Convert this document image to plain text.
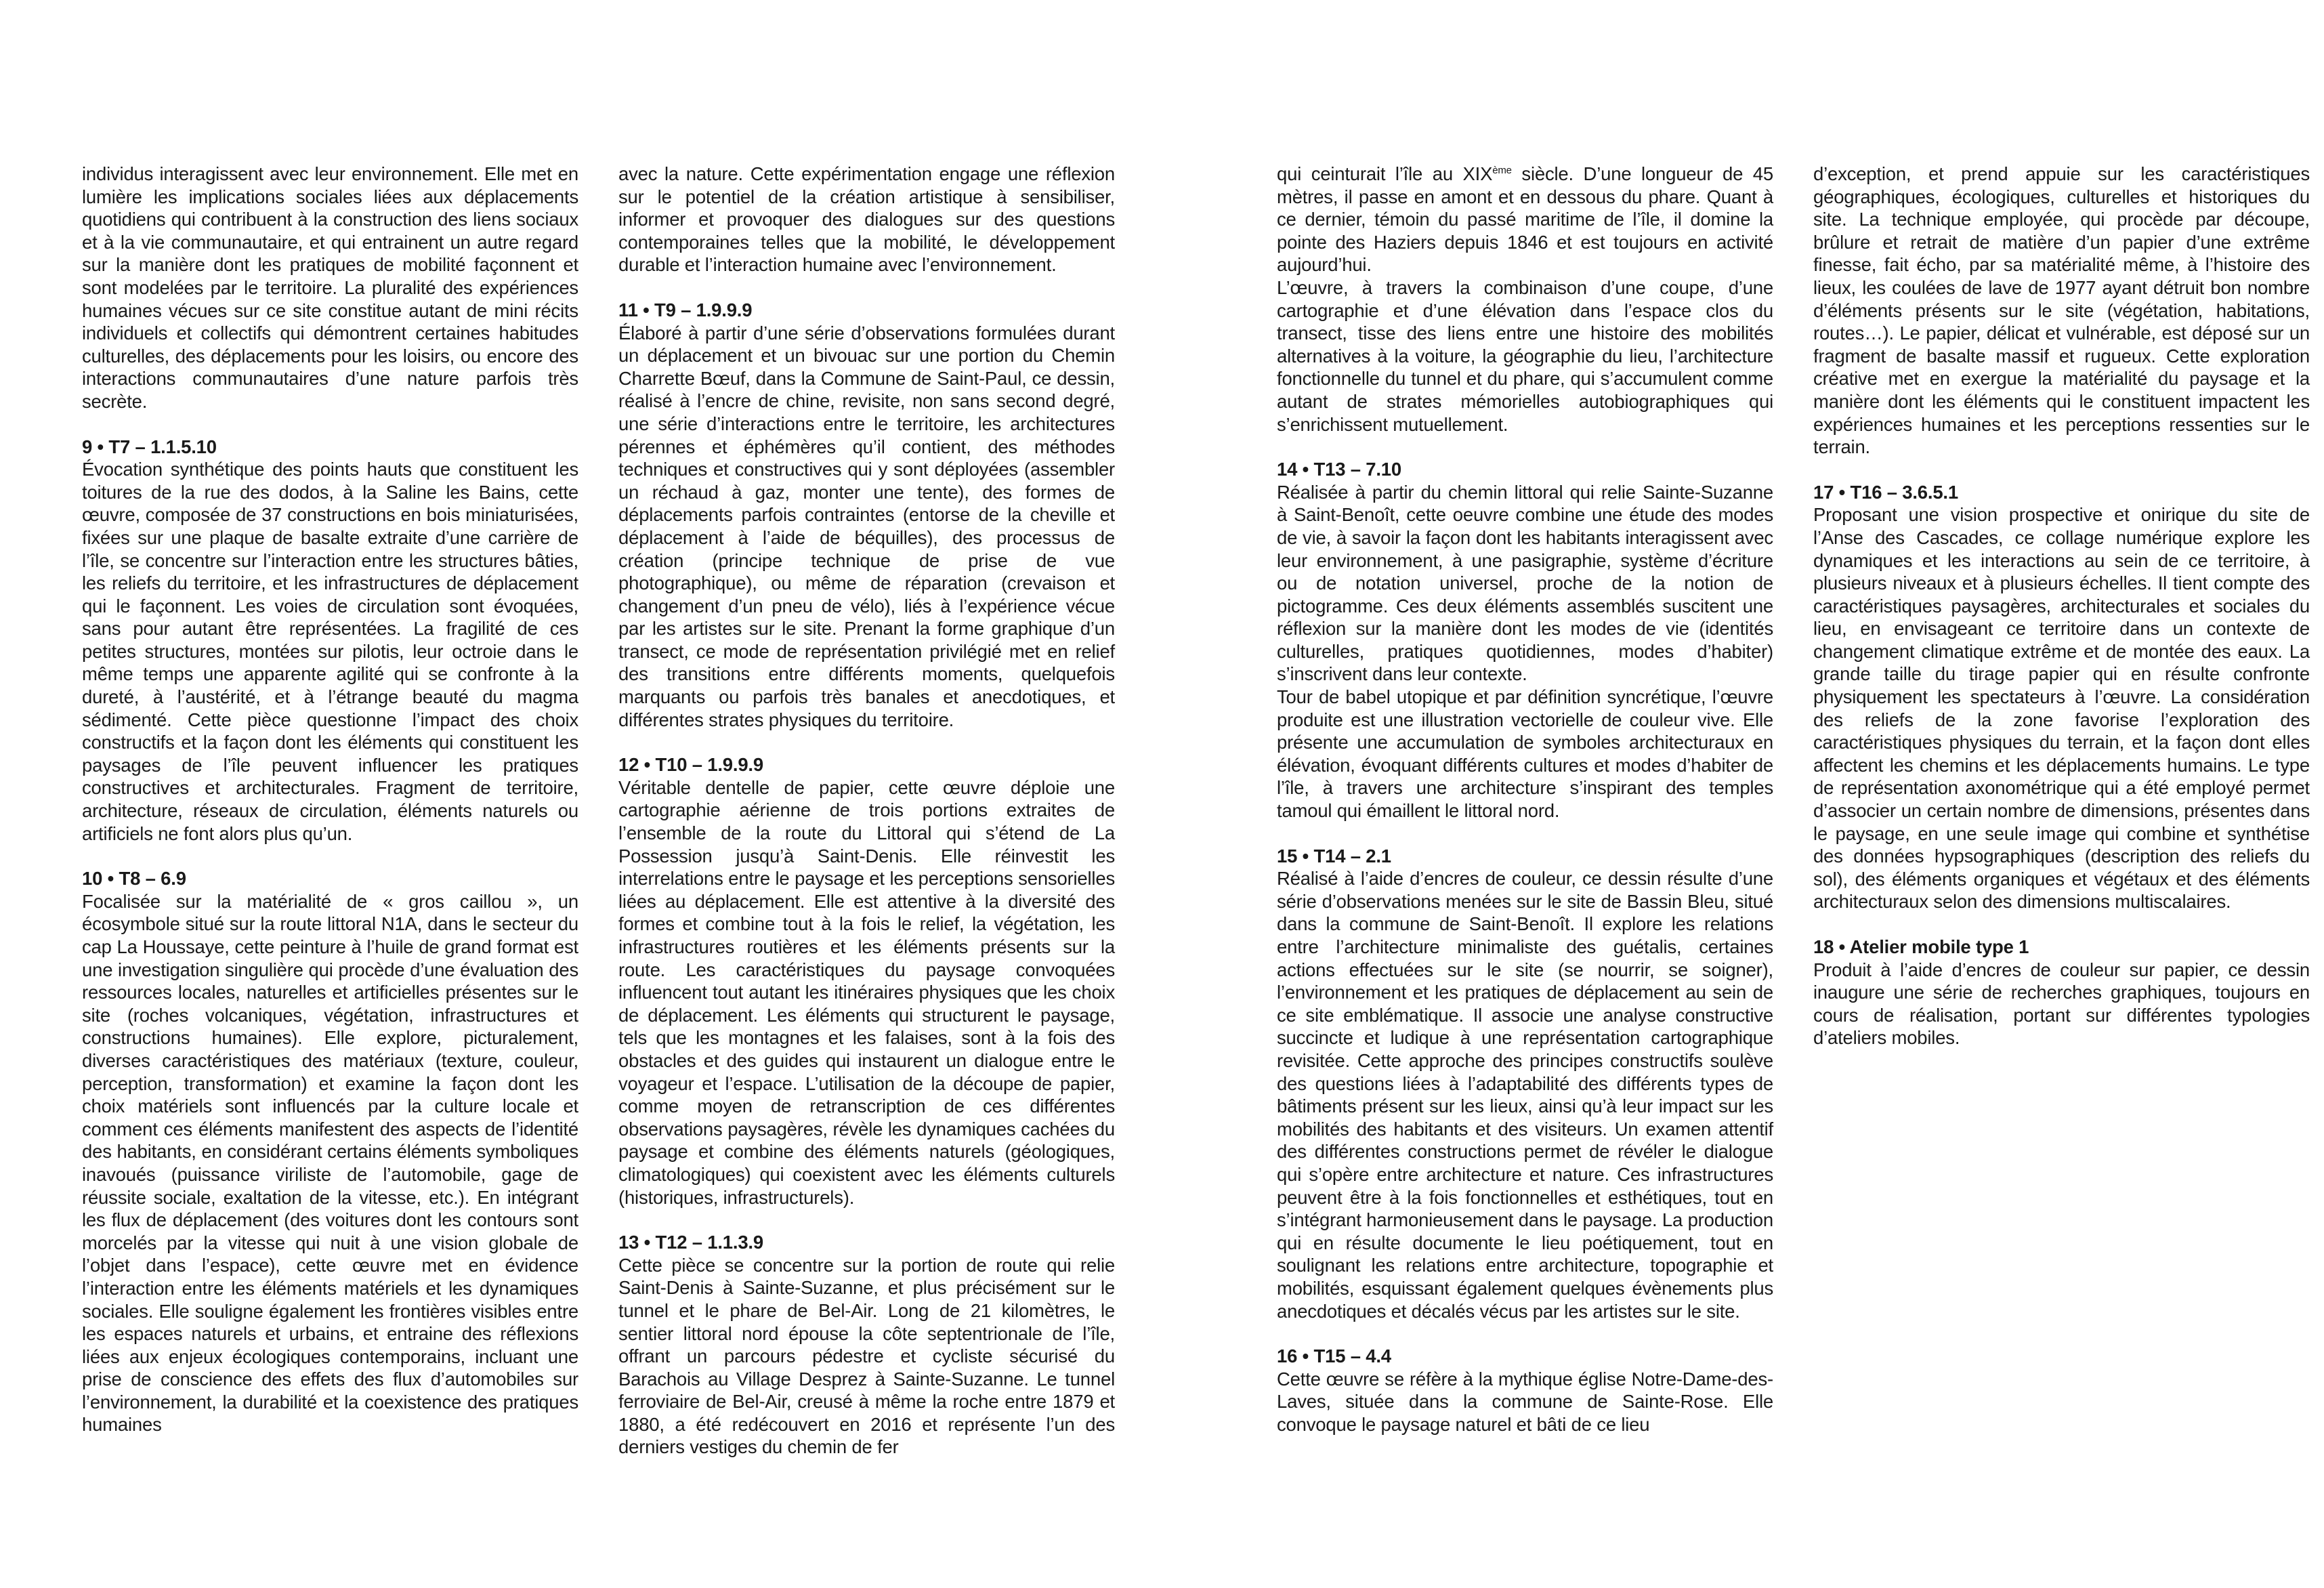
individus interagissent avec leur environnement. Elle met en lumière les implications sociales liées aux déplacements quotidiens qui contribuent à la construction des liens sociaux et à la vie communautaire, et qui entrainent un autre regard sur la manière dont les pratiques de mobilité façonnent et sont modelées par le territoire. La pluralité des expériences humaines vécues sur ce site constitue autant de mini récits individuels et collectifs qui démontrent certaines habitudes culturelles, des déplacements pour les loisirs, ou encore des interactions communautaires d’une nature parfois très secrète.

9 • T7 – 1.1.5.10

Évocation synthétique des points hauts que constituent les toitures de la rue des dodos, à la Saline les Bains, cette œuvre, composée de 37 constructions en bois miniaturisées, fixées sur une plaque de basalte extraite d’une carrière de l’île, se concentre sur l’interaction entre les structures bâties, les reliefs du territoire, et les infrastructures de déplacement qui le façonnent. Les voies de circulation sont évoquées, sans pour autant être représentées. La fragilité de ces petites structures, montées sur pilotis, leur octroie dans le même temps une apparente agilité qui se confronte à la dureté, à l’austérité, et à l’étrange beauté du magma sédimenté. Cette pièce questionne l’impact des choix constructifs et la façon dont les éléments qui constituent les paysages de l’île peuvent influencer les pratiques constructives et architecturales. Fragment de territoire, architecture, réseaux de circulation, éléments naturels ou artificiels ne font alors plus qu’un.

10 • T8 – 6.9

Focalisée sur la matérialité de « gros caillou », un écosymbole situé sur la route littoral N1A, dans le secteur du cap La Houssaye, cette peinture à l’huile de grand format est une investigation singulière qui procède d’une évaluation des ressources locales, naturelles et artificielles présentes sur le site (roches volcaniques, végétation, infrastructures et constructions humaines). Elle explore, picturalement, diverses caractéristiques des matériaux (texture, couleur, perception, transformation) et examine la façon dont les choix matériels sont influencés par la culture locale et comment ces éléments manifestent des aspects de l’identité des habitants, en considérant certains éléments symboliques inavoués (puissance viriliste de l’automobile, gage de réussite sociale, exaltation de la vitesse, etc.). En intégrant les flux de déplacement (des voitures dont les contours sont morcelés par la vitesse qui nuit à une vision globale de l’objet dans l’espace), cette œuvre met en évidence l’interaction entre les éléments matériels et les dynamiques sociales. Elle souligne également les frontières visibles entre les espaces naturels et urbains, et entraine des réflexions liées aux enjeux écologiques contemporains, incluant une prise de conscience des effets des flux d’automobiles sur l’environnement, la durabilité et la coexistence des pratiques humaines

avec la nature. Cette expérimentation engage une réflexion sur le potentiel de la création artistique à sensibiliser, informer et provoquer des dialogues sur des questions contemporaines telles que la mobilité, le développement durable et l’interaction humaine avec l’environnement.

11 • T9 – 1.9.9.9

Élaboré à partir d’une série d’observations formulées durant un déplacement et un bivouac sur une portion du Chemin Charrette Bœuf, dans la Commune de Saint-Paul, ce dessin, réalisé à l’encre de chine, revisite, non sans second degré, une série d’interactions entre le territoire, les architectures pérennes et éphémères qu’il contient, des méthodes techniques et constructives qui y sont déployées (assembler un réchaud à gaz, monter une tente), des formes de déplacements parfois contraintes (entorse de la cheville et déplacement à l’aide de béquilles), des processus de création (principe technique de prise de vue photographique), ou même de réparation (crevaison et changement d’un pneu de vélo), liés à l’expérience vécue par les artistes sur le site. Prenant la forme graphique d’un transect, ce mode de représentation privilégié met en relief des transitions entre différents moments, quelquefois marquants ou parfois très banales et anecdotiques, et différentes strates physiques du territoire.

12 • T10 – 1.9.9.9

Véritable dentelle de papier, cette œuvre déploie une cartographie aérienne de trois portions extraites de l’ensemble de la route du Littoral qui s’étend de La Possession jusqu’à Saint-Denis. Elle réinvestit les interrelations entre le paysage et les perceptions sensorielles liées au déplacement. Elle est attentive à la diversité des formes et combine tout à la fois le relief, la végétation, les infrastructures routières et les éléments présents sur la route. Les caractéristiques du paysage convoquées influencent tout autant les itinéraires physiques que les choix de déplacement. Les éléments qui structurent le paysage, tels que les montagnes et les falaises, sont à la fois des obstacles et des guides qui instaurent un dialogue entre le voyageur et l’espace. L’utilisation de la découpe de papier, comme moyen de retranscription de ces différentes observations paysagères, révèle les dynamiques cachées du paysage et combine des éléments naturels (géologiques, climatologiques) qui coexistent avec les éléments culturels (historiques, infrastructurels).

13 • T12 – 1.1.3.9

Cette pièce se concentre sur la portion de route qui relie Saint-Denis à Sainte-Suzanne, et plus précisément sur le tunnel et le phare de Bel-Air. Long de 21 kilomètres, le sentier littoral nord épouse la côte septentrionale de l’île, offrant un parcours pédestre et cycliste sécurisé du Barachois au Village Desprez à Sainte-Suzanne. Le tunnel ferroviaire de Bel-Air, creusé à même la roche entre 1879 et 1880, a été redécouvert en 2016 et représente l’un des derniers vestiges du chemin de fer

qui ceinturait l’île au XIXème siècle. D’une longueur de 45 mètres, il passe en amont et en dessous du phare. Quant à ce dernier, témoin du passé maritime de l’île, il domine la pointe des Haziers depuis 1846 et est toujours en activité aujourd’hui.

L’œuvre, à travers la combinaison d’une coupe, d’une cartographie et d’une élévation dans l’espace clos du transect, tisse des liens entre une histoire des mobilités alternatives à la voiture, la géographie du lieu, l’architecture fonctionnelle du tunnel et du phare, qui s’accumulent comme autant de strates mémorielles autobiographiques qui s’enrichissent mutuellement.

14 • T13 – 7.10

Réalisée à partir du chemin littoral qui relie Sainte-Suzanne à Saint-Benoît, cette oeuvre combine une étude des modes de vie, à savoir la façon dont les habitants interagissent avec leur environnement, à une pasigraphie, système d’écriture ou de notation universel, proche de la notion de pictogramme. Ces deux éléments assemblés suscitent une réflexion sur la manière dont les modes de vie (identités culturelles, pratiques quotidiennes, modes d’habiter) s’inscrivent dans leur contexte.

Tour de babel utopique et par définition syncrétique, l’œuvre produite est une illustration vectorielle de couleur vive. Elle présente une accumulation de symboles architecturaux en élévation, évoquant différents cultures et modes d’habiter de l’île, à travers une architecture s’inspirant des temples tamoul qui émaillent le littoral nord.

15 • T14 – 2.1

Réalisé à l’aide d’encres de couleur, ce dessin résulte d’une série d’observations menées sur le site de Bassin Bleu, situé dans la commune de Saint-Benoît. Il explore les relations entre l’architecture minimaliste des guétalis, certaines actions effectuées sur le site (se nourrir, se soigner), l’environnement et les pratiques de déplacement au sein de ce site emblématique. Il associe une analyse constructive succincte et ludique à une représentation cartographique revisitée. Cette approche des principes constructifs soulève des questions liées à l’adaptabilité des différents types de bâtiments présent sur les lieux, ainsi qu’à leur impact sur les mobilités des habitants et des visiteurs. Un examen attentif des différentes constructions permet de révéler le dialogue qui s’opère entre architecture et nature. Ces infrastructures peuvent être à la fois fonctionnelles et esthétiques, tout en s’intégrant harmonieusement dans le paysage. La production qui en résulte documente le lieu poétiquement, tout en soulignant les relations entre architecture, topographie et mobilités, esquissant également quelques évènements plus anecdotiques et décalés vécus par les artistes sur le site.

16 • T15 – 4.4

Cette œuvre se réfère à la mythique église Notre-Dame-des-Laves, située dans la commune de Sainte-Rose. Elle convoque le paysage naturel et bâti de ce lieu

d’exception, et prend appuie sur les caractéristiques géographiques, écologiques, culturelles et historiques du site. La technique employée, qui procède par découpe, brûlure et retrait de matière d’un papier d’une extrême finesse, fait écho, par sa matérialité même, à l’histoire des lieux, les coulées de lave de 1977 ayant détruit bon nombre d’éléments présents sur le site (végétation, habitations, routes…). Le papier, délicat et vulnérable, est déposé sur un fragment de basalte massif et rugueux. Cette exploration créative met en exergue la matérialité du paysage et la manière dont les éléments qui le constituent impactent les expériences humaines et les perceptions ressenties sur le terrain.

17 • T16 – 3.6.5.1

Proposant une vision prospective et onirique du site de l’Anse des Cascades, ce collage numérique explore les dynamiques et les interactions au sein de ce territoire, à plusieurs niveaux et à plusieurs échelles. Il tient compte des caractéristiques paysagères, architecturales et sociales du lieu, en envisageant ce territoire dans un contexte de changement climatique extrême et de montée des eaux. La grande taille du tirage papier qui en résulte confronte physiquement les spectateurs à l’œuvre. La considération des reliefs de la zone favorise l’exploration des caractéristiques physiques du terrain, et la façon dont elles affectent les chemins et les déplacements humains. Le type de représentation axonométrique qui a été employé permet d’associer un certain nombre de dimensions, présentes dans le paysage, en une seule image qui combine et synthétise des données hypsographiques (description des reliefs du sol), des éléments organiques et végétaux et des éléments architecturaux selon des dimensions multiscalaires.

18 • Atelier mobile type 1

Produit à l’aide d’encres de couleur sur papier, ce dessin inaugure une série de recherches graphiques, toujours en cours de réalisation, portant sur différentes typologies d’ateliers mobiles.
